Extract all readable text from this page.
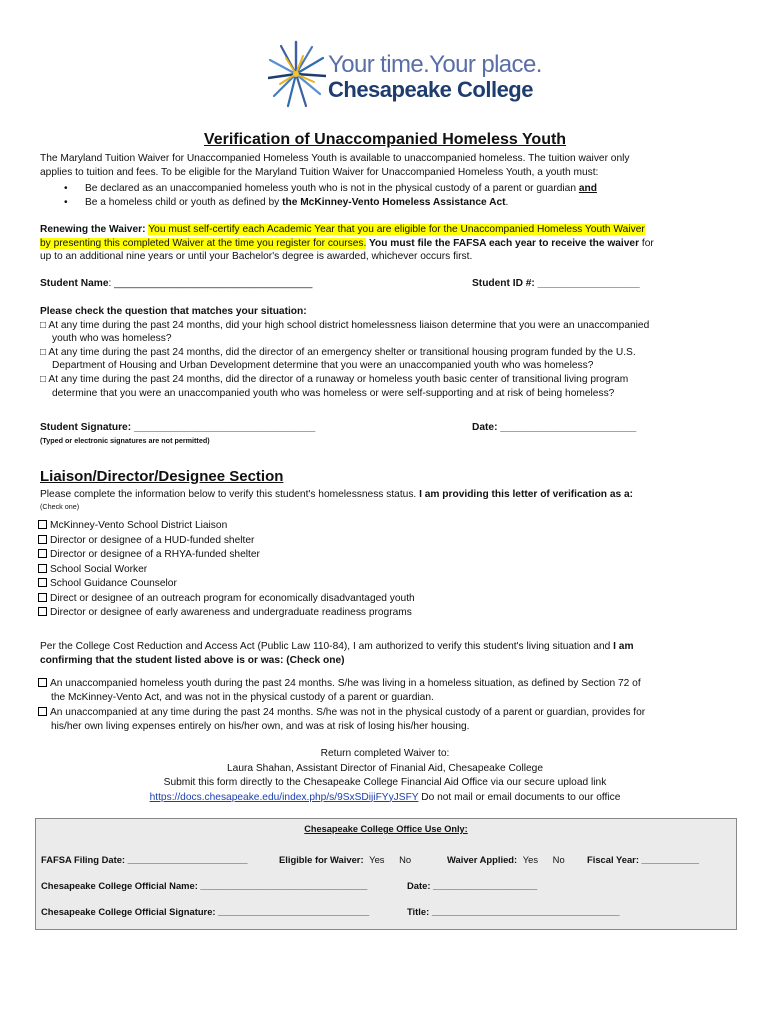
Your time.Your place.
Chesapeake College
Verification of Unaccompanied Homeless Youth
The Maryland Tuition Waiver for Unaccompanied Homeless Youth is available to unaccompanied homeless. The tuition waiver only
applies to tuition and fees. To be eligible for the Maryland Tuition Waiver for Unaccompanied Homeless Youth, a youth must:
• Be declared as an unaccompanied homeless youth who is not in the physical custody of a parent or guardian and
• Be a homeless child or youth as defined by the McKinney-Vento Homeless Assistance Act.
Renewing the Waiver: You must self-certify each Academic Year that you are eligible for the Unaccompanied Homeless Youth Waiver
by presenting this completed Waiver at the time you register for courses. You must file the FAFSA each year to receive the waiver for
up to an additional nine years or until your Bachelor's degree is awarded, whichever occurs first.
Student Name: ___________________________________	Student ID #: __________________
Please check the question that matches your situation:
□ At any time during the past 24 months, did your high school district homelessness liaison determine that you were an unaccompanied
youth who was homeless?
□ At any time during the past 24 months, did the director of an emergency shelter or transitional housing program funded by the U.S.
Department of Housing and Urban Development determine that you were an unaccompanied youth who was homeless?
□ At any time during the past 24 months, did the director of a runaway or homeless youth basic center of transitional living program
determine that you were an unaccompanied youth who was homeless or were self-supporting and at risk of being homeless?
Student Signature: ________________________________	Date: ________________________
(Typed or electronic signatures are not permitted)
Liaison/Director/Designee Section
Please complete the information below to verify this student's homelessness status. I am providing this letter of verification as a:
(Check one)
McKinney-Vento School District Liaison
Director or designee of a HUD-funded shelter
Director or designee of a RHYA-funded shelter
School Social Worker
School Guidance Counselor
Direct or designee of an outreach program for economically disadvantaged youth
Director or designee of early awareness and undergraduate readiness programs
Per the College Cost Reduction and Access Act (Public Law 110-84), I am authorized to verify this student's living situation and I am
confirming that the student listed above is or was: (Check one)
An unaccompanied homeless youth during the past 24 months. S/he was living in a homeless situation, as defined by Section 72 of
the McKinney-Vento Act, and was not in the physical custody of a parent or guardian.
An unaccompanied at any time during the past 24 months. S/he was not in the physical custody of a parent or guardian, provides for
his/her own living expenses entirely on his/her own, and was at risk of losing his/her housing.
Return completed Waiver to:
Laura Shahan, Assistant Director of Finanial Aid, Chesapeake College
Submit this form directly to the Chesapeake College Financial Aid Office via our secure upload link
https://docs.chesapeake.edu/index.php/s/9SxSDijiFYyJSFY Do not mail or email documents to our office
Chesapeake College Office Use Only:
FAFSA Filing Date: _______________________	Eligible for Waiver: Yes No	Waiver Applied: Yes No Fiscal Year: ___________
Chesapeake College Official Name: ________________________________	Date: ____________________
Chesapeake College Official Signature: _____________________________	Title: ____________________________________
